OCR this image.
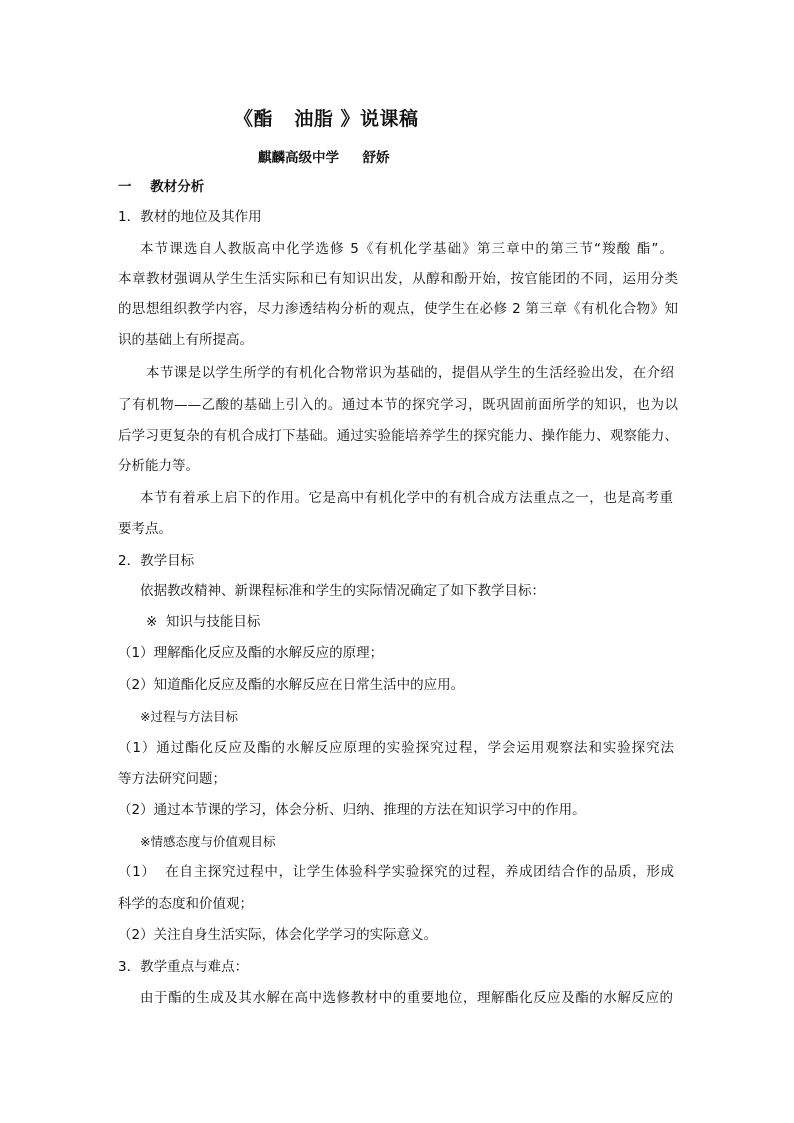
《酯   油脂 》说课稿
麒麟高级中学     舒娇
一    教材分析
1．教材的地位及其作用
本节课选自人教版高中化学选修 5《有机化学基础》第三章中的第三节“羧酸 酯”。
本章教材强调从学生生活实际和已有知识出发，从醇和酚开始，按官能团的不同，运用分类
的思想组织教学内容，尽力渗透结构分析的观点，使学生在必修 2 第三章《有机化合物》知
识的基础上有所提高。
本节课是以学生所学的有机化合物常识为基础的，提倡从学生的生活经验出发，在介绍
了有机物——乙酸的基础上引入的。通过本节的探究学习，既巩固前面所学的知识，也为以
后学习更复杂的有机合成打下基础。通过实验能培养学生的探究能力、操作能力、观察能力、
分析能力等。
本节有着承上启下的作用。它是高中有机化学中的有机合成方法重点之一，也是高考重
要考点。
2．教学目标
依据教改精神、新课程标准和学生的实际情况确定了如下教学目标：
※  知识与技能目标
（1）理解酯化反应及酯的水解反应的原理；
（2）知道酯化反应及酯的水解反应在日常生活中的应用。
※过程与方法目标
（1）通过酯化反应及酯的水解反应原理的实验探究过程，学会运用观察法和实验探究法
等方法研究问题；
（2）通过本节课的学习，体会分析、归纳、推理的方法在知识学习中的作用。
※情感态度与价值观目标
（1）  在自主探究过程中，让学生体验科学实验探究的过程，养成团结合作的品质，形成
科学的态度和价值观；
（2）关注自身生活实际，体会化学学习的实际意义。
3．教学重点与难点：
由于酯的生成及其水解在高中选修教材中的重要地位，理解酯化反应及酯的水解反应的
